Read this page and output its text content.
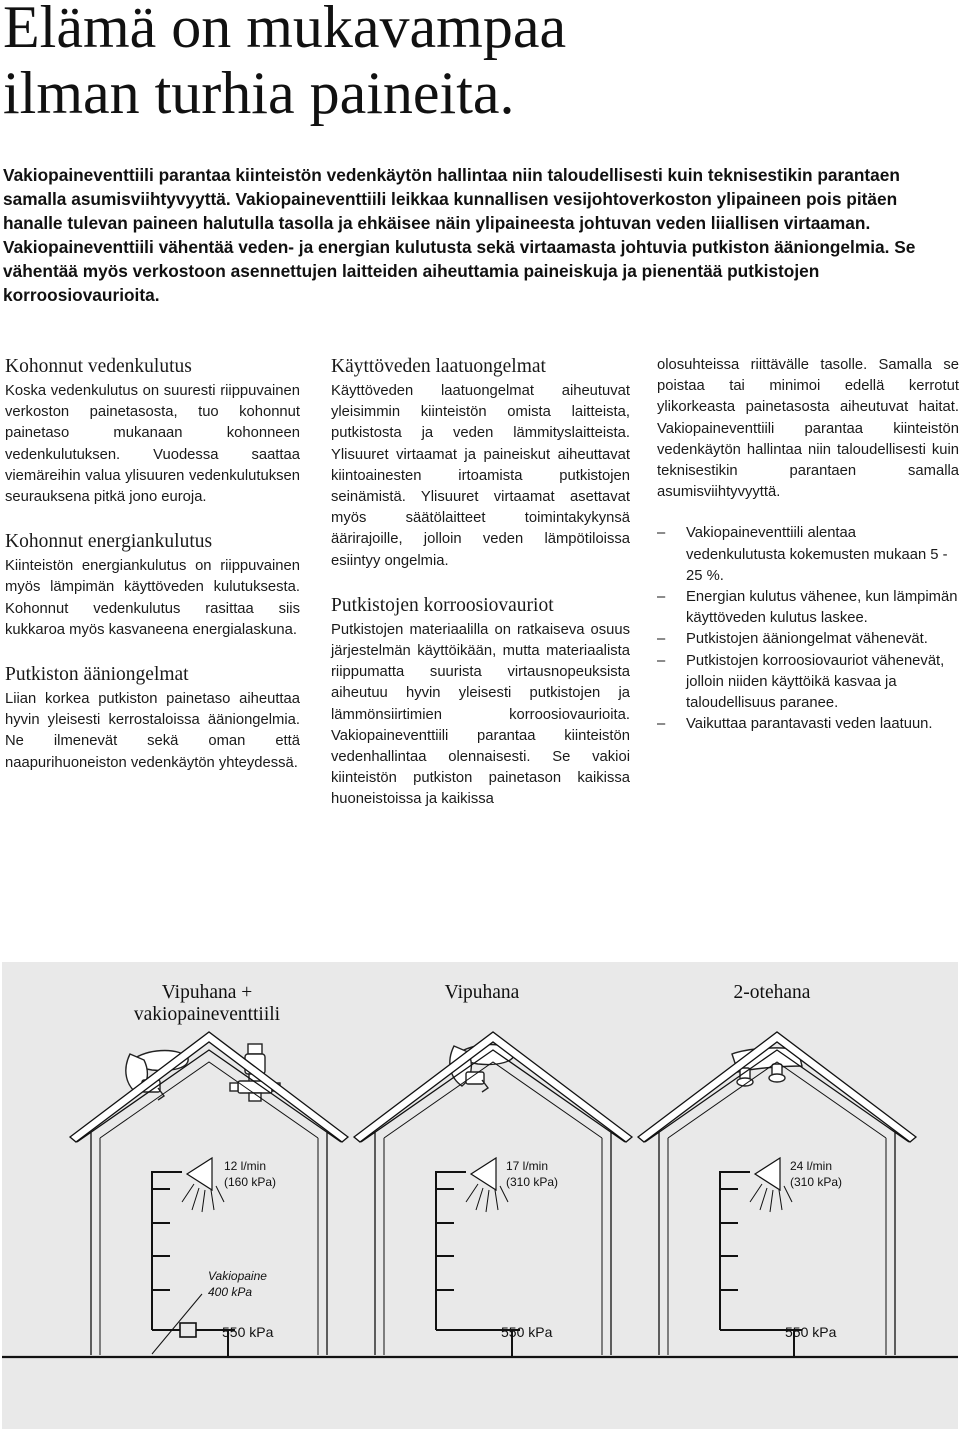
Elämä on mukavampaa
ilman turhia paineita.

Vakiopaineventtiili parantaa kiinteistön vedenkäytön hallintaa niin taloudellisesti kuin teknisestikin parantaen samalla asumisviihtyvyyttä. Vakiopaineventtiili leikkaa kunnallisen vesijohtoverkoston ylipaineen pois pitäen hanalle tulevan paineen halutulla tasolla ja ehkäisee näin ylipaineesta johtuvan veden liiallisen virtaaman. Vakiopaineventtiili vähentää veden- ja energian kulutusta sekä virtaamasta johtuvia putkiston ääniongelmia. Se vähentää myös verkostoon asennettujen laitteiden aiheuttamia paineiskuja ja pienentää putkistojen korroosiovaurioita.

Kohonnut vedenkulutus

Koska vedenkulutus on suuresti riippuvainen verkoston painetasosta, tuo kohonnut painetaso mukanaan kohonneen vedenkulutuksen. Vuodessa saattaa viemäreihin valua ylisuuren vedenkulutuksen seurauksena pitkä jono euroja.

Kohonnut energiankulutus

Kiinteistön energiankulutus on riippuvainen myös lämpimän käyttöveden kulutuksesta. Kohonnut vedenkulutus rasittaa siis kukkaroa myös kasvaneena energialaskuna.

Putkiston ääniongelmat

Liian korkea putkiston painetaso aiheuttaa hyvin yleisesti kerrostaloissa ääniongelmia. Ne ilmenevät sekä oman että naapurihuoneiston vedenkäytön yhteydessä.

Käyttöveden laatuongelmat

Käyttöveden laatuongelmat aiheutuvat yleisimmin kiinteistön omista laitteista, putkistosta ja veden lämmityslaitteista. Ylisuuret virtaamat ja paineiskut aiheuttavat kiintoainesten irtoamista putkistojen seinämistä. Ylisuuret virtaamat asettavat myös säätölaitteet toimintakykynsä äärirajoille, jolloin veden lämpötiloissa esiintyy ongelmia.

Putkistojen korroosiovauriot

Putkistojen materiaalilla on ratkaiseva osuus järjestelmän käyttöikään, mutta materiaalista riippumatta suurista virtausnopeuksista aiheutuu hyvin yleisesti putkistojen ja lämmönsiirtimien korroosiovaurioita. Vakiopaineventtiili parantaa kiinteistön vedenhallintaa olennaisesti. Se vakioi kiinteistön putkiston painetason kaikissa huoneistoissa ja kaikissa

olosuhteissa riittävälle tasolle. Samalla se poistaa tai minimoi edellä kerrotut ylikorkeasta painetasosta aiheutuvat haitat. Vakiopaineventtiili parantaa kiinteistön vedenkäytön hallintaa niin taloudellisesti kuin teknisestikin parantaen samalla asumisviihtyvyyttä.

– Vakiopaineventtiili alentaa vedenkulutusta kokemusten mukaan 5 - 25 %.
– Energian kulutus vähenee, kun lämpimän käyttöveden kulutus laskee.
– Putkistojen ääniongelmat vähenevät.
– Putkistojen korroosiovauriot vähenevät, jolloin niiden käyttöikä kasvaa ja taloudellisuus paranee.
– Vaikuttaa parantavasti veden laatuun.
Vipuhana +
vakiopaineventtiili
Vipuhana	2-otehana
12 l/min
(160 kPa)
Vakiopaine
400 kPa
550 kPa
17 l/min
(310 kPa)
550 kPa
24 l/min
(310 kPa)
550 kPa
